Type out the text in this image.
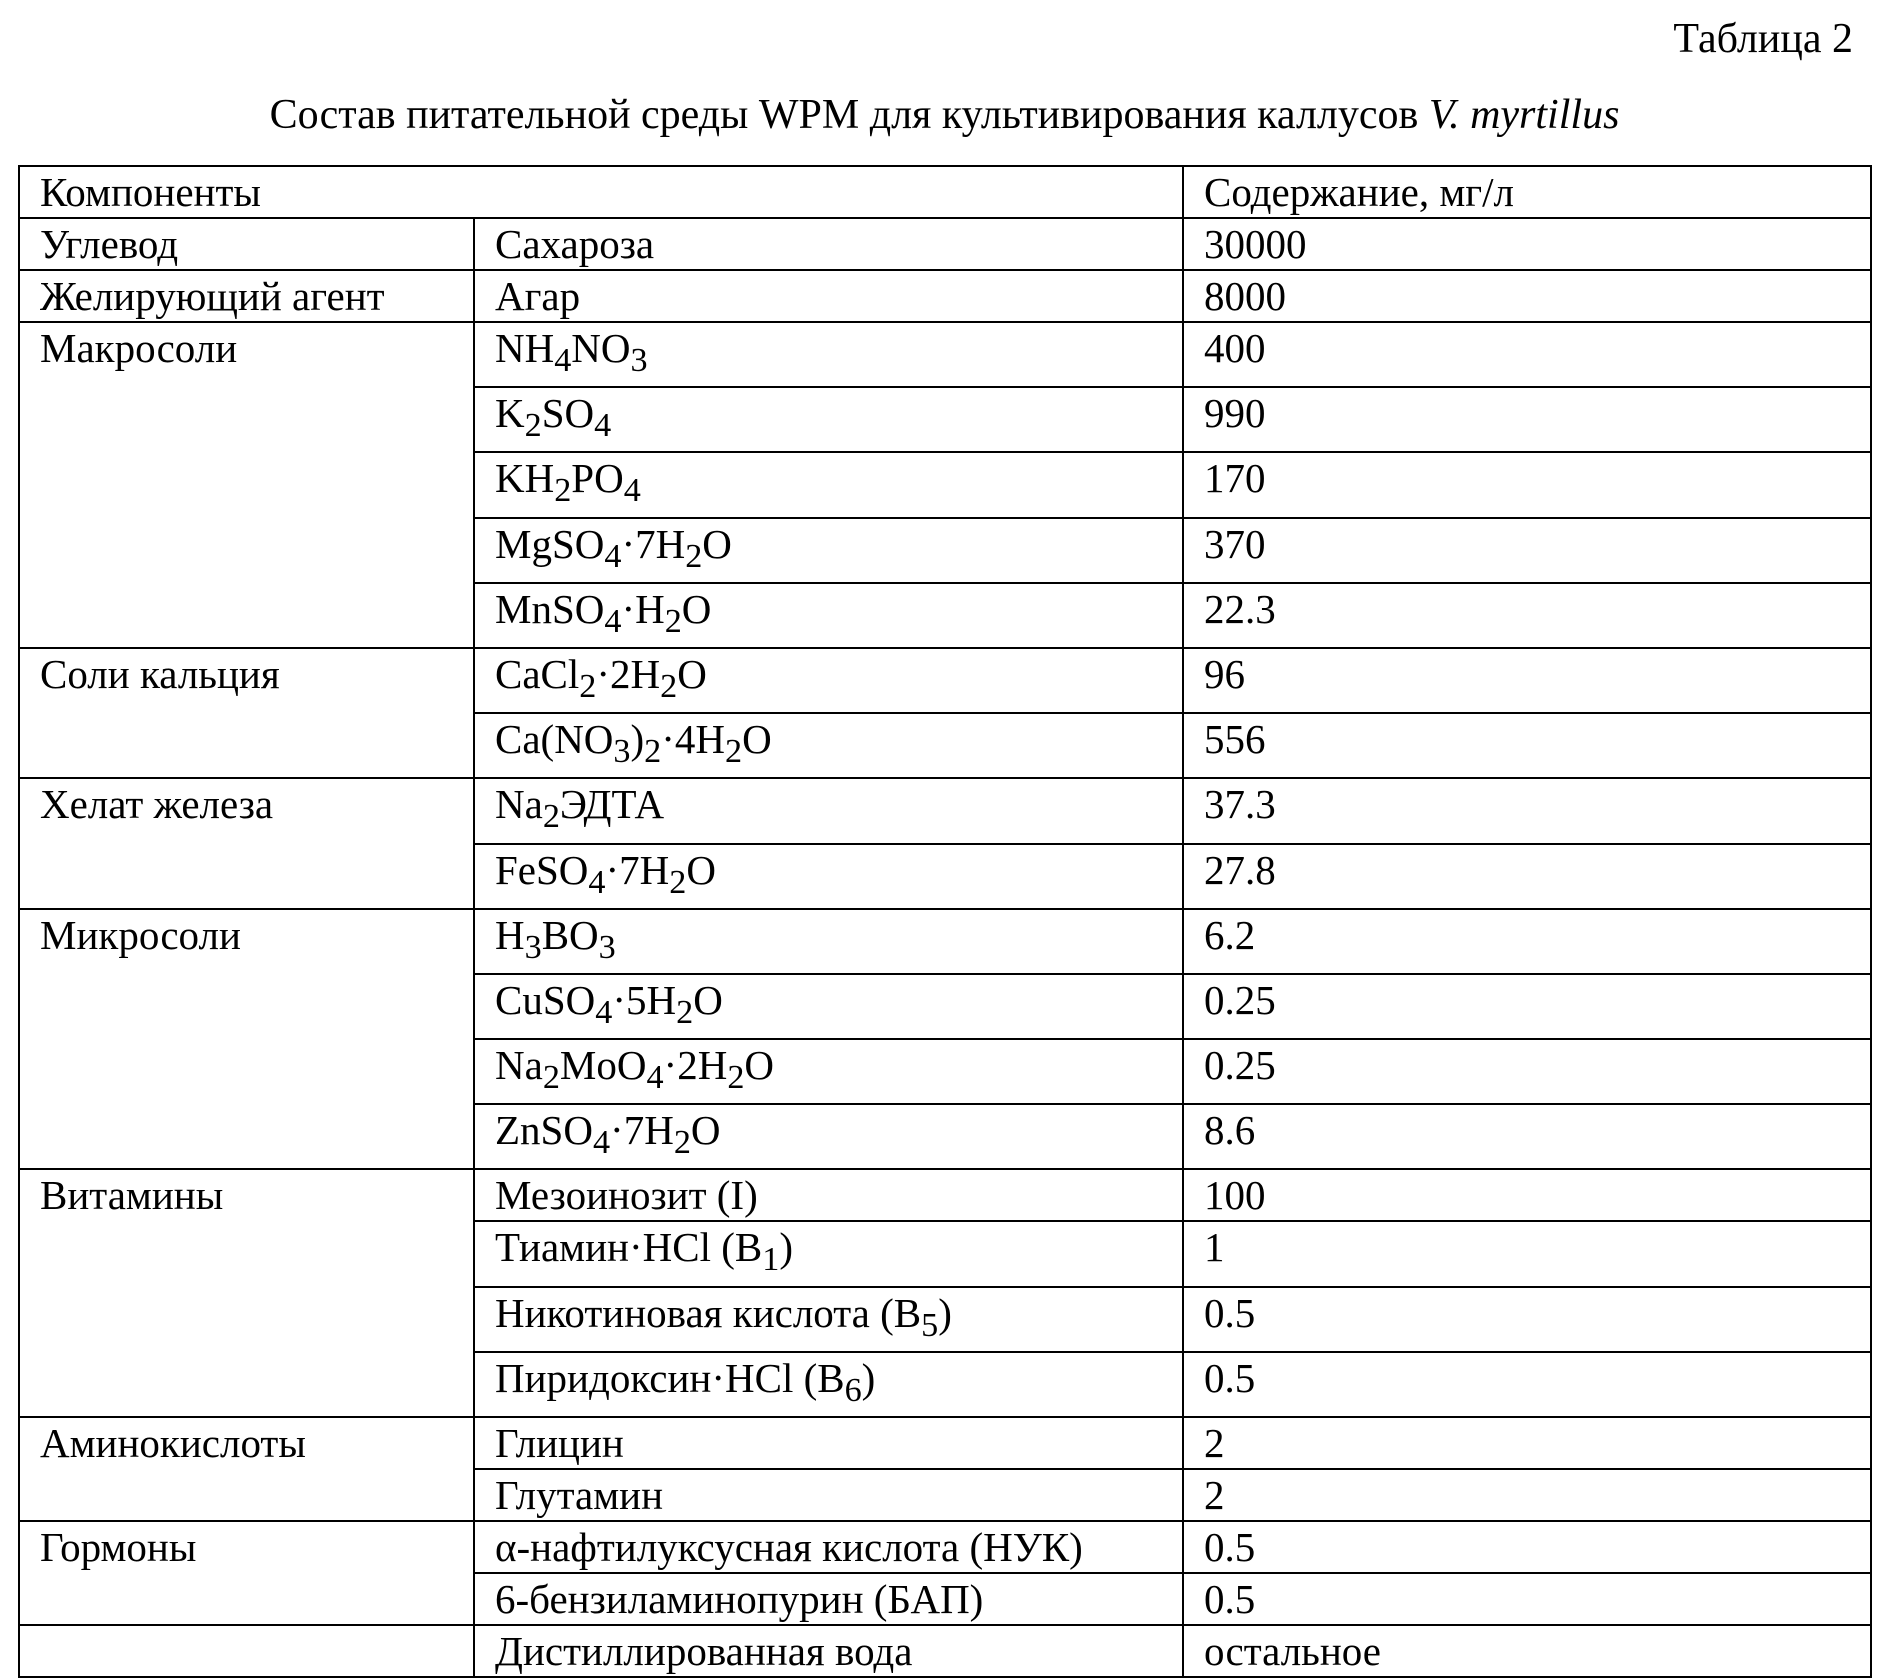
Таблица 2
Состав питательной среды WPM для культивирования каллусов V. myrtillus
Компоненты		Содержание, мг/л
Углевод	Сахароза	30000
Желирующий агент	Агар	8000
Макросоли	$NH_4NO_3$	400
	$K_2SO_4$	990
	$KH_2PO_4$	170
	$MgSO_4\cdot 7H_2O$	370
	$MnSO_4\cdot H_2O$	22.3
Соли кальция	$CaCl_2\cdot 2H_2O$	96
	$Ca(NO_3)_2\cdot 4H_2O$	556
Хелат железа	$Na_2ЭДТА$	37.3
	$FeSO_4\cdot 7H_2O$	27.8
Микросоли	$H_3BO_3$	6.2
	$CuSO_4\cdot 5H_2O$	0.25
	$Na_2MoO_4\cdot 2H_2O$	0.25
	$ZnSO_4\cdot 7H_2O$	8.6
Витамины	Мезоинозит (I)	100
	Тиамин·HCl $(B_1)$	1
	Никотиновая кислота $(B_5)$	0.5
	Пиридоксин·HCl $(B_6)$	0.5
Аминокислоты	Глицин	2
	Глутамин	2
Гормоны	α-нафтилуксусная кислота (НУК)	0.5
	6-бензиламинопурин (БАП)	0.5
	Дистиллированная вода	остальное
